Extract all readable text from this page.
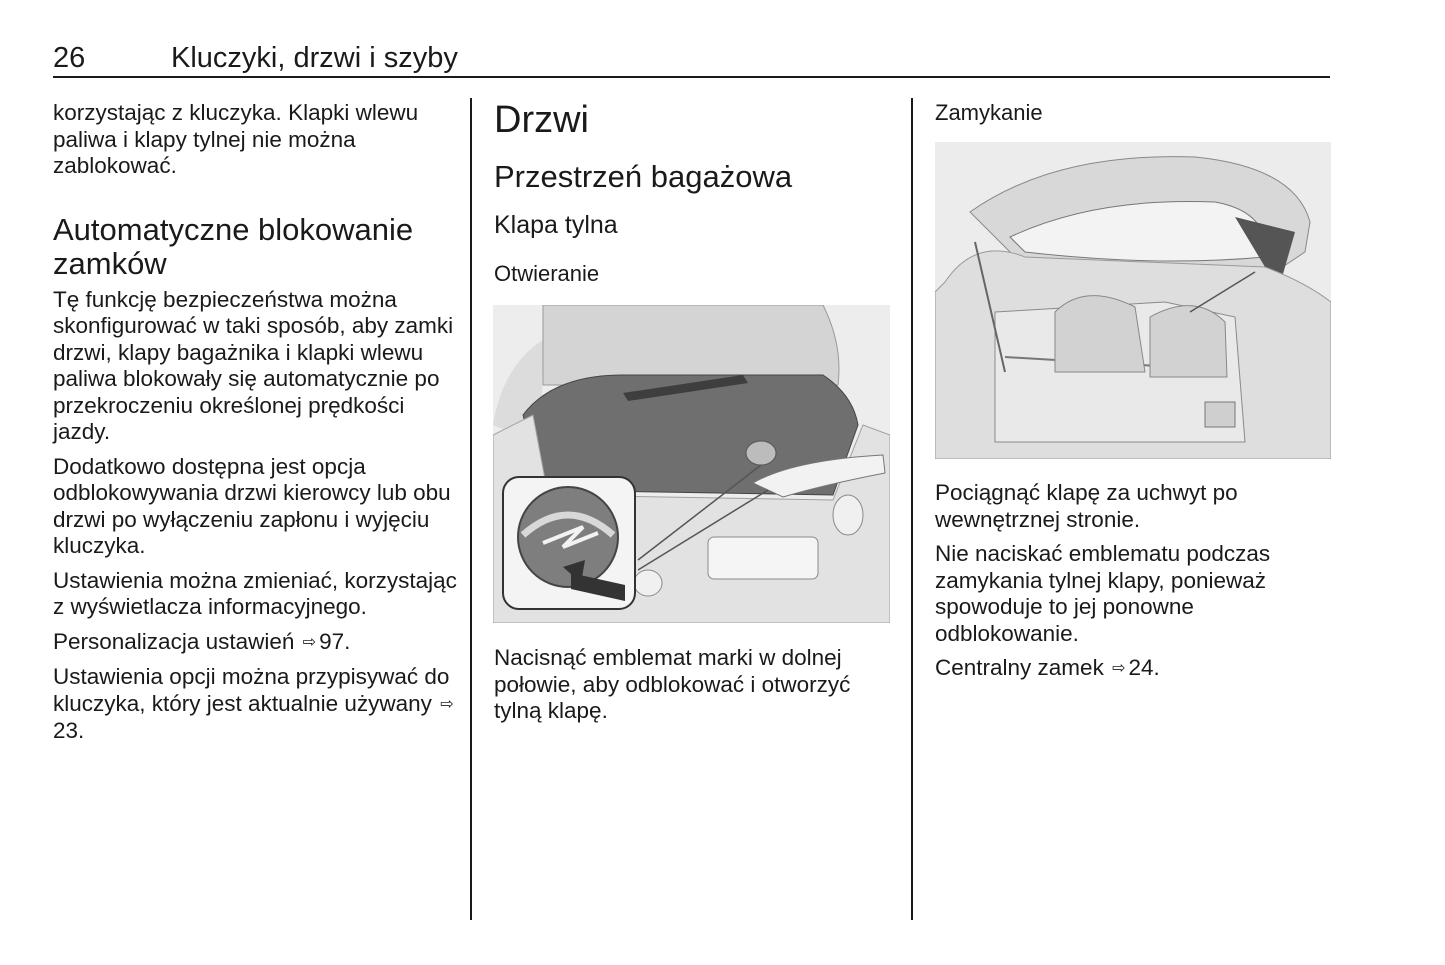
26	Kluczyki, drzwi i szyby

korzystając z kluczyka. Klapki wlewu paliwa i klapy tylnej nie można zablokować.

Automatyczne blokowanie zamków

Tę funkcję bezpieczeństwa można skonfigurować w taki sposób, aby zamki drzwi, klapy bagażnika i klapki wlewu paliwa blokowały się automatycznie po przekroczeniu określonej prędkości jazdy.

Dodatkowo dostępna jest opcja odblokowywania drzwi kierowcy lub obu drzwi po wyłączeniu zapłonu i wyjęciu kluczyka.

Ustawienia można zmieniać, korzystając z wyświetlacza informacyjnego.

Personalizacja ustawień ⇨ 97.

Ustawienia opcji można przypisywać do kluczyka, który jest aktualnie używany ⇨23.

Drzwi
Przestrzeń bagażowa
Klapa tylna
Otwieranie

Nacisnąć emblemat marki w dolnej połowie, aby odblokować i otworzyć tylną klapę.

Zamykanie

Pociągnąć klapę za uchwyt po wewnętrznej stronie.

Nie naciskać emblematu podczas zamykania tylnej klapy, ponieważ spowoduje to jej ponowne odblokowanie.

Centralny zamek ⇨ 24.
